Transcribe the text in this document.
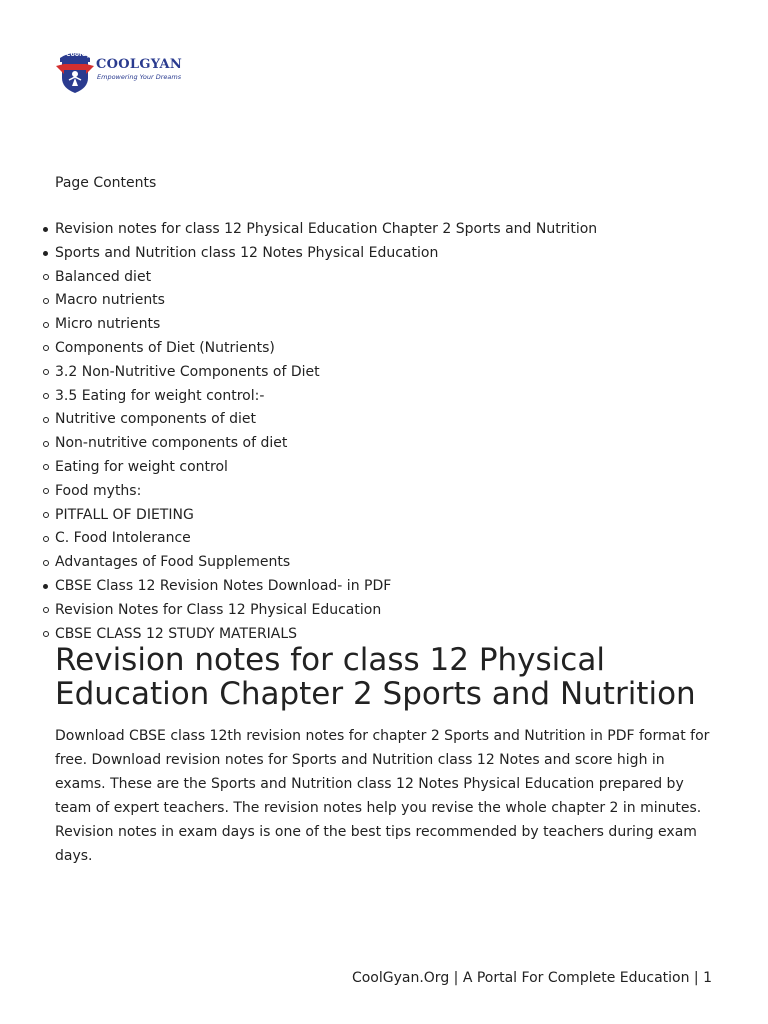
CoolGyan
COOLGYAN
Empowering Your Dreams
Page Contents
Revision notes for class 12 Physical Education Chapter 2 Sports and Nutrition
Sports and Nutrition class 12 Notes Physical Education
Balanced diet
Macro nutrients
Micro nutrients
Components of Diet (Nutrients)
3.2 Non-Nutritive Components of Diet
3.5 Eating for weight control:-
Nutritive components of diet
Non-nutritive components of diet
Eating for weight control
Food myths:
PITFALL OF DIETING
C. Food Intolerance
Advantages of Food Supplements
CBSE Class 12 Revision Notes Download- in PDF
Revision Notes for Class 12 Physical Education
CBSE CLASS 12 STUDY MATERIALS
Revision notes for class 12 Physical Education Chapter 2 Sports and Nutrition

Download CBSE class 12th revision notes for chapter 2 Sports and Nutrition in PDF format for free. Download revision notes for Sports and Nutrition class 12 Notes and score high in exams. These are the Sports and Nutrition class 12 Notes Physical Education prepared by team of expert teachers. The revision notes help you revise the whole chapter 2 in minutes. Revision notes in exam days is one of the best tips recommended by teachers during exam days.

CoolGyan.Org | A Portal For Complete Education | 1
